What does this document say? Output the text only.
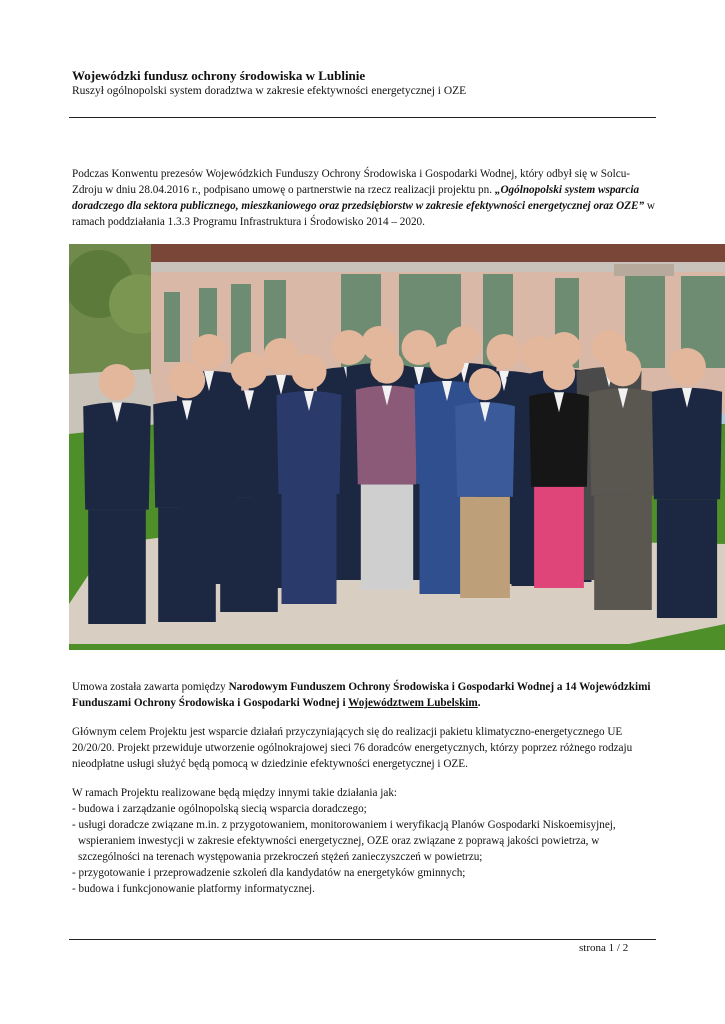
Wojewódzki fundusz ochrony środowiska w Lublinie
Ruszył ogólnopolski system doradztwa w zakresie efektywności energetycznej i OZE
Podczas Konwentu prezesów Wojewódzkich Funduszy Ochrony Środowiska i Gospodarki Wodnej, który odbył się w Solcu-Zdroju w dniu 28.04.2016 r., podpisano umowę o partnerstwie na rzecz realizacji projektu pn. „Ogólnopolski system wsparcia doradczego dla sektora publicznego, mieszkaniowego oraz przedsiębiorstw w zakresie efektywności energetycznej oraz OZE” w ramach poddziałania 1.3.3 Programu Infrastruktura i Środowisko 2014 – 2020.
Umowa została zawarta pomiędzy Narodowym Funduszem Ochrony Środowiska i Gospodarki Wodnej a 14 Wojewódzkimi Funduszami Ochrony Środowiska i Gospodarki Wodnej i Województwem Lubelskim.
Głównym celem Projektu jest wsparcie działań przyczyniających się do realizacji pakietu klimatyczno-energetycznego UE 20/20/20. Projekt przewiduje utworzenie ogólnokrajowej sieci 76 doradców energetycznych, którzy poprzez różnego rodzaju nieodpłatne usługi służyć będą pomocą w dziedzinie efektywności energetycznej i OZE.
W ramach Projektu realizowane będą między innymi takie działania jak:
- budowa i zarządzanie ogólnopolską siecią wsparcia doradczego;
- usługi doradcze związane m.in. z przygotowaniem, monitorowaniem i weryfikacją Planów Gospodarki Niskoemisyjnej,
wspieraniem inwestycji w zakresie efektywności energetycznej, OZE oraz związane z poprawą jakości powietrza, w szczególności na terenach występowania przekroczeń stężeń zanieczyszczeń w powietrzu;
- przygotowanie i przeprowadzenie szkoleń dla kandydatów na energetyków gminnych;
- budowa i funkcjonowanie platformy informatycznej.
strona 1 / 2
